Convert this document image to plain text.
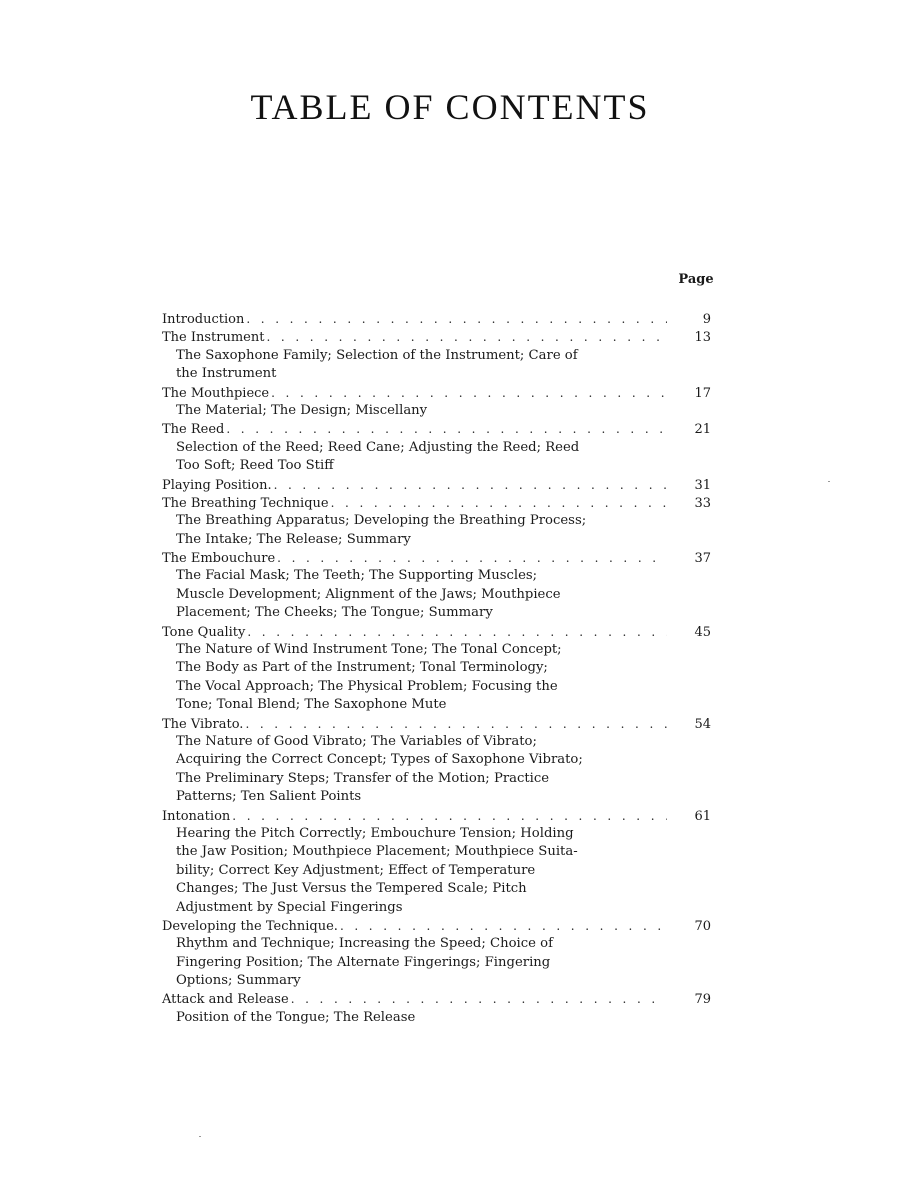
TABLE OF CONTENTS
Page
Introduction . . .	9
The Instrument . . .	13
The Saxophone Family; Selection of the Instrument; Care of
the Instrument
The Mouthpiece . . .	17
The Material; The Design; Miscellany
The Reed . . .	21
Selection of the Reed; Reed Cane; Adjusting the Reed; Reed
Too Soft; Reed Too Stiff
Playing Position. . . .	31
The Breathing Technique . . .	33
The Breathing Apparatus; Developing the Breathing Process;
The Intake; The Release; Summary
The Embouchure . . .	37
The Facial Mask; The Teeth; The Supporting Muscles;
Muscle Development; Alignment of the Jaws; Mouthpiece
Placement; The Cheeks; The Tongue; Summary
Tone Quality . . .	45
The Nature of Wind Instrument Tone; The Tonal Concept;
The Body as Part of the Instrument; Tonal Terminology;
The Vocal Approach; The Physical Problem; Focusing the
Tone; Tonal Blend; The Saxophone Mute
The Vibrato. . . .	54
The Nature of Good Vibrato; The Variables of Vibrato;
Acquiring the Correct Concept; Types of Saxophone Vibrato;
The Preliminary Steps; Transfer of the Motion; Practice
Patterns; Ten Salient Points
Intonation . . .	61
Hearing the Pitch Correctly; Embouchure Tension; Holding
the Jaw Position; Mouthpiece Placement; Mouthpiece Suita-
bility; Correct Key Adjustment; Effect of Temperature
Changes; The Just Versus the Tempered Scale; Pitch
Adjustment by Special Fingerings
Developing the Technique. . . .	70
Rhythm and Technique; Increasing the Speed; Choice of
Fingering Position; The Alternate Fingerings; Fingering
Options; Summary
Attack and Release . . .	79
Position of the Tongue; The Release
